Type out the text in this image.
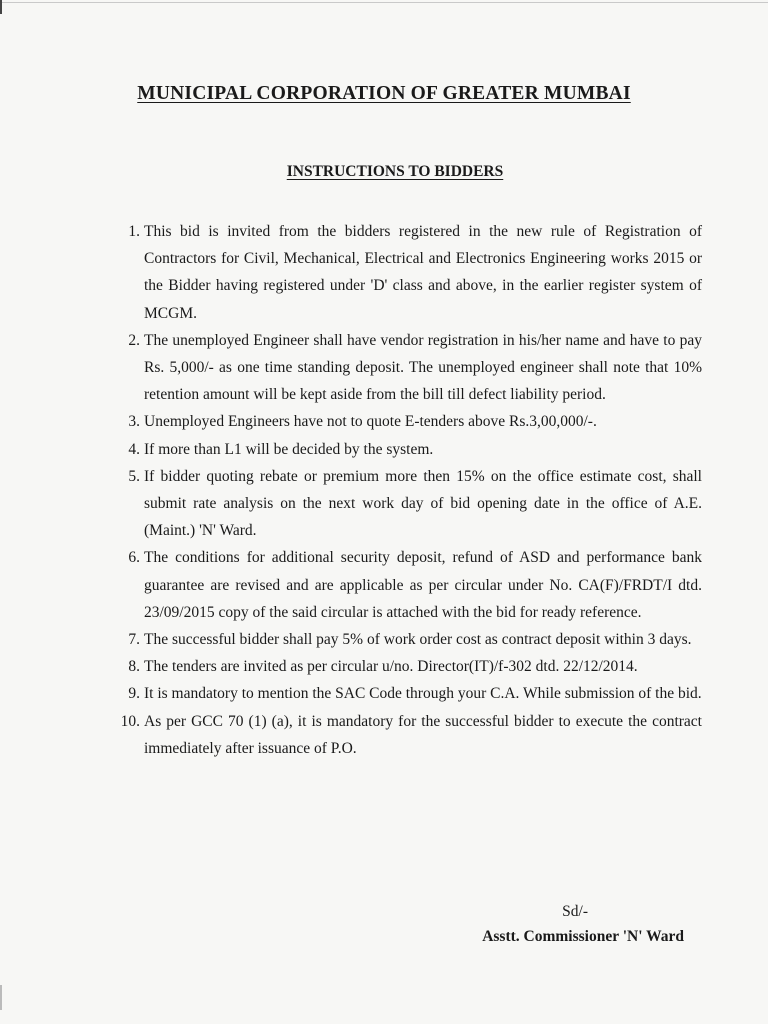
MUNICIPAL CORPORATION OF GREATER MUMBAI
INSTRUCTIONS TO BIDDERS
1. This bid is invited from the bidders registered in the new rule of Registration of Contractors for Civil, Mechanical, Electrical and Electronics Engineering works 2015 or the Bidder having registered under 'D' class and above, in the earlier register system of MCGM.
2. The unemployed Engineer shall have vendor registration in his/her name and have to pay Rs. 5,000/- as one time standing deposit. The unemployed engineer shall note that 10% retention amount will be kept aside from the bill till defect liability period.
3. Unemployed Engineers have not to quote E-tenders above Rs.3,00,000/-.
4. If more than L1 will be decided by the system.
5. If bidder quoting rebate or premium more then 15% on the office estimate cost, shall submit rate analysis on the next work day of bid opening date in the office of A.E. (Maint.) 'N' Ward.
6. The conditions for additional security deposit, refund of ASD and performance bank guarantee are revised and are applicable as per circular under No. CA(F)/FRDT/I dtd. 23/09/2015 copy of the said circular is attached with the bid for ready reference.
7. The successful bidder shall pay 5% of work order cost as contract deposit within 3 days.
8. The tenders are invited as per circular u/no. Director(IT)/f-302 dtd. 22/12/2014.
9. It is mandatory to mention the SAC Code through your C.A. While submission of the bid.
10. As per GCC 70 (1) (a), it is mandatory for the successful bidder to execute the contract immediately after issuance of P.O.
Sd/-
Asstt. Commissioner 'N' Ward
